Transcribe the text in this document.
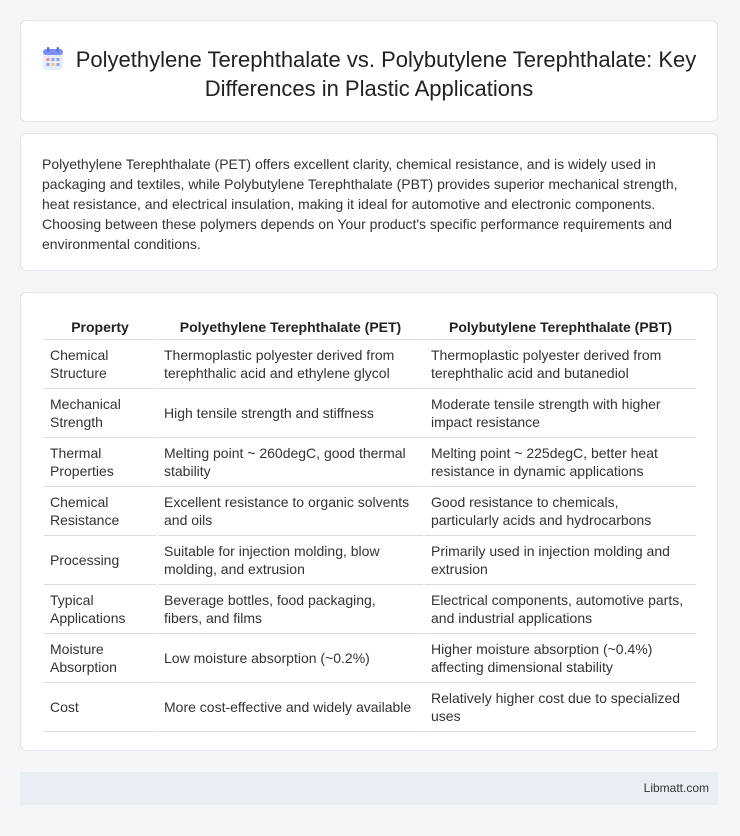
Polyethylene Terephthalate vs. Polybutylene Terephthalate: Key Differences in Plastic Applications
Polyethylene Terephthalate (PET) offers excellent clarity, chemical resistance, and is widely used in packaging and textiles, while Polybutylene Terephthalate (PBT) provides superior mechanical strength, heat resistance, and electrical insulation, making it ideal for automotive and electronic components. Choosing between these polymers depends on Your product's specific performance requirements and environmental conditions.
Property	Polyethylene Terephthalate (PET)	Polybutylene Terephthalate (PBT)
Chemical Structure	Thermoplastic polyester derived from terephthalic acid and ethylene glycol	Thermoplastic polyester derived from terephthalic acid and butanediol
Mechanical Strength	High tensile strength and stiffness	Moderate tensile strength with higher impact resistance
Thermal Properties	Melting point ~ 260degC, good thermal stability	Melting point ~ 225degC, better heat resistance in dynamic applications
Chemical Resistance	Excellent resistance to organic solvents and oils	Good resistance to chemicals, particularly acids and hydrocarbons
Processing	Suitable for injection molding, blow molding, and extrusion	Primarily used in injection molding and extrusion
Typical Applications	Beverage bottles, food packaging, fibers, and films	Electrical components, automotive parts, and industrial applications
Moisture Absorption	Low moisture absorption (~0.2%)	Higher moisture absorption (~0.4%) affecting dimensional stability
Cost	More cost-effective and widely available	Relatively higher cost due to specialized uses
Libmatt.com
